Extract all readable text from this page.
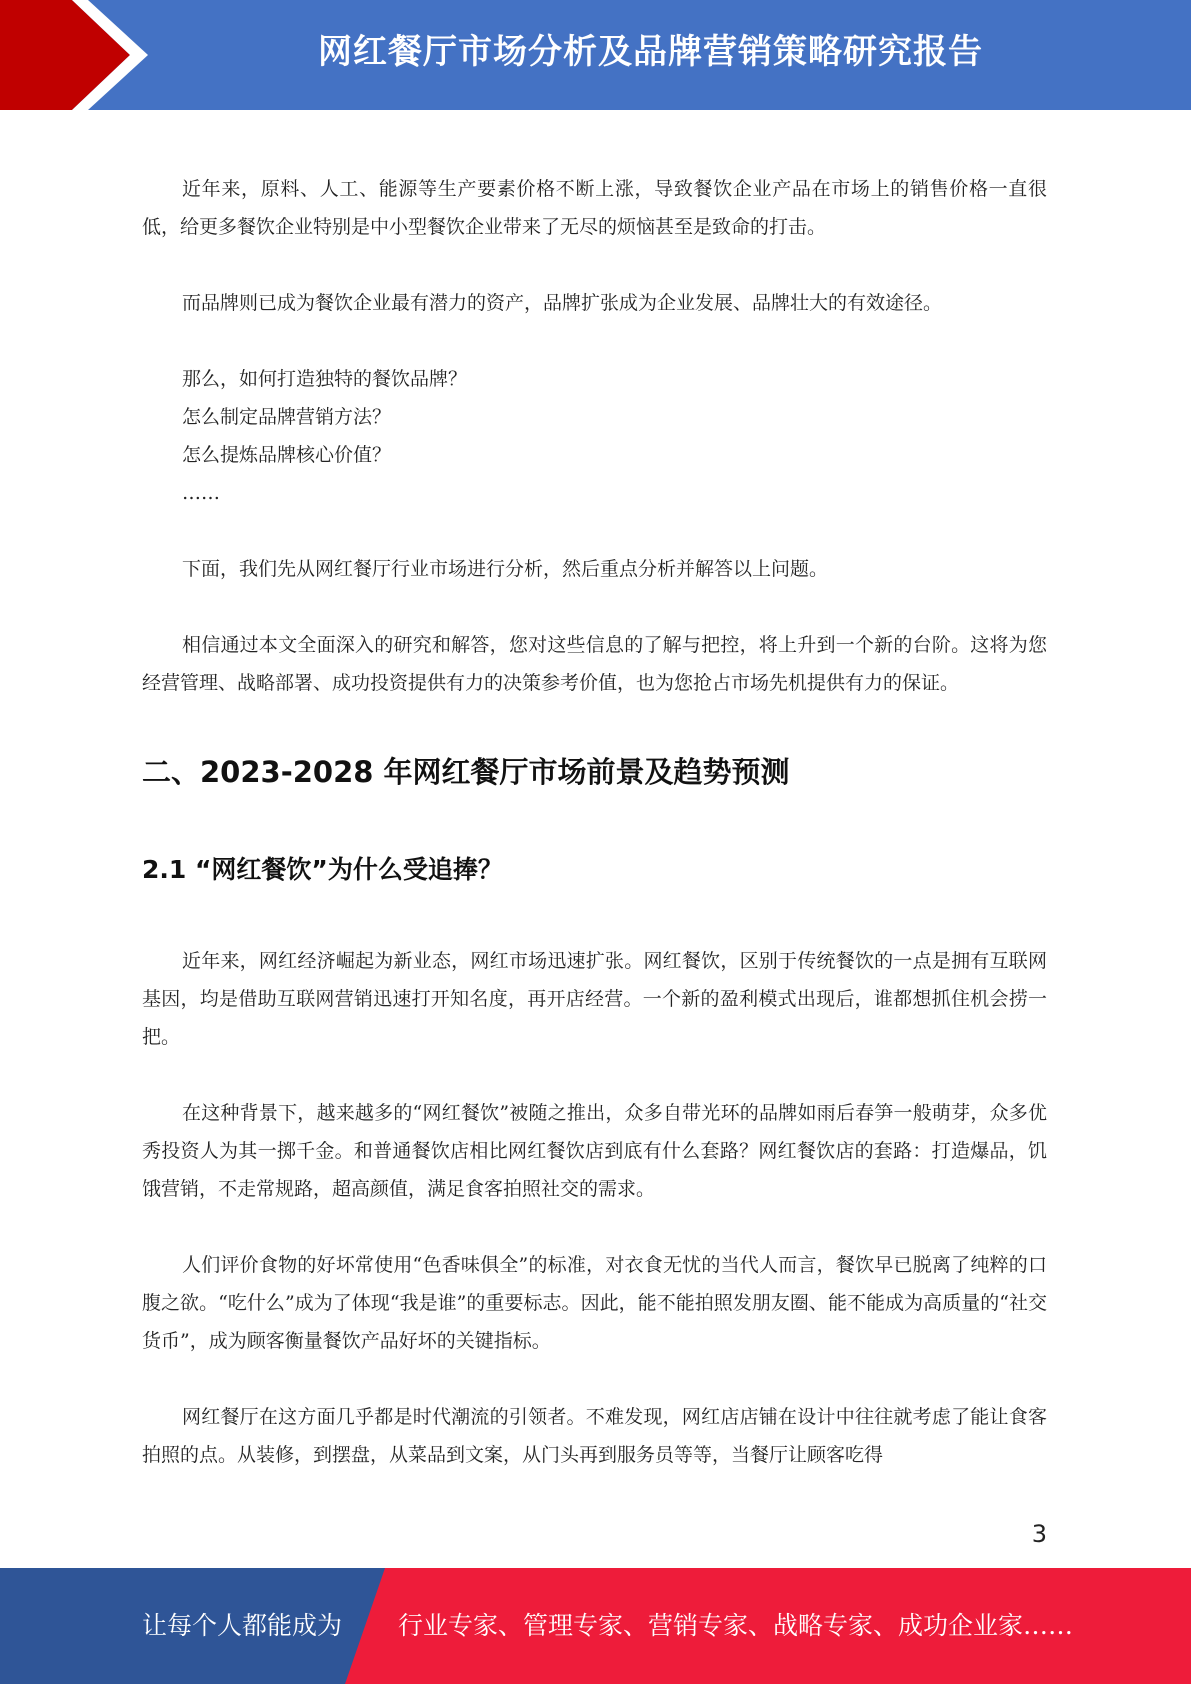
网红餐厅市场分析及品牌营销策略研究报告

近年来，原料、人工、能源等生产要素价格不断上涨，导致餐饮企业产品在市场上的销售价格一直很低，给更多餐饮企业特别是中小型餐饮企业带来了无尽的烦恼甚至是致命的打击。

而品牌则已成为餐饮企业最有潜力的资产，品牌扩张成为企业发展、品牌壮大的有效途径。

那么，如何打造独特的餐饮品牌？
怎么制定品牌营销方法？
怎么提炼品牌核心价值？
……

下面，我们先从网红餐厅行业市场进行分析，然后重点分析并解答以上问题。

相信通过本文全面深入的研究和解答，您对这些信息的了解与把控，将上升到一个新的台阶。这将为您经营管理、战略部署、成功投资提供有力的决策参考价值，也为您抢占市场先机提供有力的保证。

二、2023-2028 年网红餐厅市场前景及趋势预测
2.1 “网红餐饮”为什么受追捧？

近年来，网红经济崛起为新业态，网红市场迅速扩张。网红餐饮，区别于传统餐饮的一点是拥有互联网基因，均是借助互联网营销迅速打开知名度，再开店经营。一个新的盈利模式出现后，谁都想抓住机会捞一把。

在这种背景下，越来越多的“网红餐饮”被随之推出，众多自带光环的品牌如雨后春笋一般萌芽，众多优秀投资人为其一掷千金。和普通餐饮店相比网红餐饮店到底有什么套路？网红餐饮店的套路：打造爆品，饥饿营销，不走常规路，超高颜值，满足食客拍照社交的需求。

人们评价食物的好坏常使用“色香味俱全”的标准，对衣食无忧的当代人而言，餐饮早已脱离了纯粹的口腹之欲。“吃什么”成为了体现“我是谁”的重要标志。因此，能不能拍照发朋友圈、能不能成为高质量的“社交货币”，成为顾客衡量餐饮产品好坏的关键指标。

网红餐厅在这方面几乎都是时代潮流的引领者。不难发现，网红店店铺在设计中往往就考虑了能让食客拍照的点。从装修，到摆盘，从菜品到文案，从门头再到服务员等等，当餐厅让顾客吃得

3
让每个人都能成为 行业专家、管理专家、营销专家、战略专家、成功企业家……
